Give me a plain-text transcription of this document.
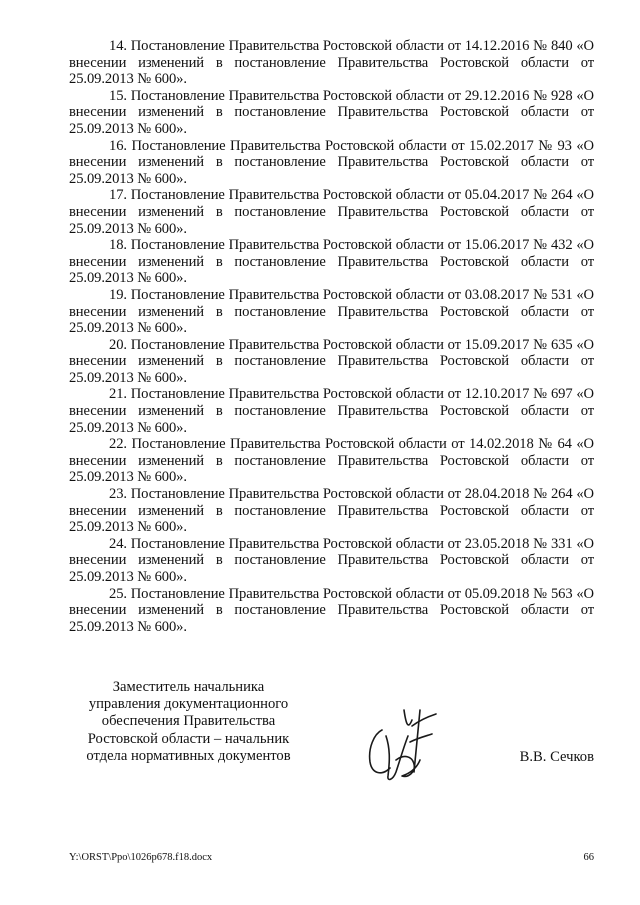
14. Постановление Правительства Ростовской области от 14.12.2016 № 840 «О внесении изменений в постановление Правительства Ростовской области от 25.09.2013 № 600».

15. Постановление Правительства Ростовской области от 29.12.2016 № 928 «О внесении изменений в постановление Правительства Ростовской области от 25.09.2013 № 600».

16. Постановление Правительства Ростовской области от 15.02.2017 № 93 «О внесении изменений в постановление Правительства Ростовской области от 25.09.2013 № 600».

17. Постановление Правительства Ростовской области от 05.04.2017 № 264 «О внесении изменений в постановление Правительства Ростовской области от 25.09.2013 № 600».

18. Постановление Правительства Ростовской области от 15.06.2017 № 432 «О внесении изменений в постановление Правительства Ростовской области от 25.09.2013 № 600».

19. Постановление Правительства Ростовской области от 03.08.2017 № 531 «О внесении изменений в постановление Правительства Ростовской области от 25.09.2013 № 600».

20. Постановление Правительства Ростовской области от 15.09.2017 № 635 «О внесении изменений в постановление Правительства Ростовской области от 25.09.2013 № 600».

21. Постановление Правительства Ростовской области от 12.10.2017 № 697 «О внесении изменений в постановление Правительства Ростовской области от 25.09.2013 № 600».

22. Постановление Правительства Ростовской области от 14.02.2018 № 64 «О внесении изменений в постановление Правительства Ростовской области от 25.09.2013 № 600».

23. Постановление Правительства Ростовской области от 28.04.2018 № 264 «О внесении изменений в постановление Правительства Ростовской области от 25.09.2013 № 600».

24. Постановление Правительства Ростовской области от 23.05.2018 № 331 «О внесении изменений в постановление Правительства Ростовской области от 25.09.2013 № 600».

25. Постановление Правительства Ростовской области от 05.09.2018 № 563 «О внесении изменений в постановление Правительства Ростовской области от 25.09.2013 № 600».

Заместитель начальника
управления документационного
обеспечения Правительства
Ростовской области – начальник
отдела нормативных документов	В.В. Сечков
Y:\ORST\Ppo\1026p678.f18.docx	66
